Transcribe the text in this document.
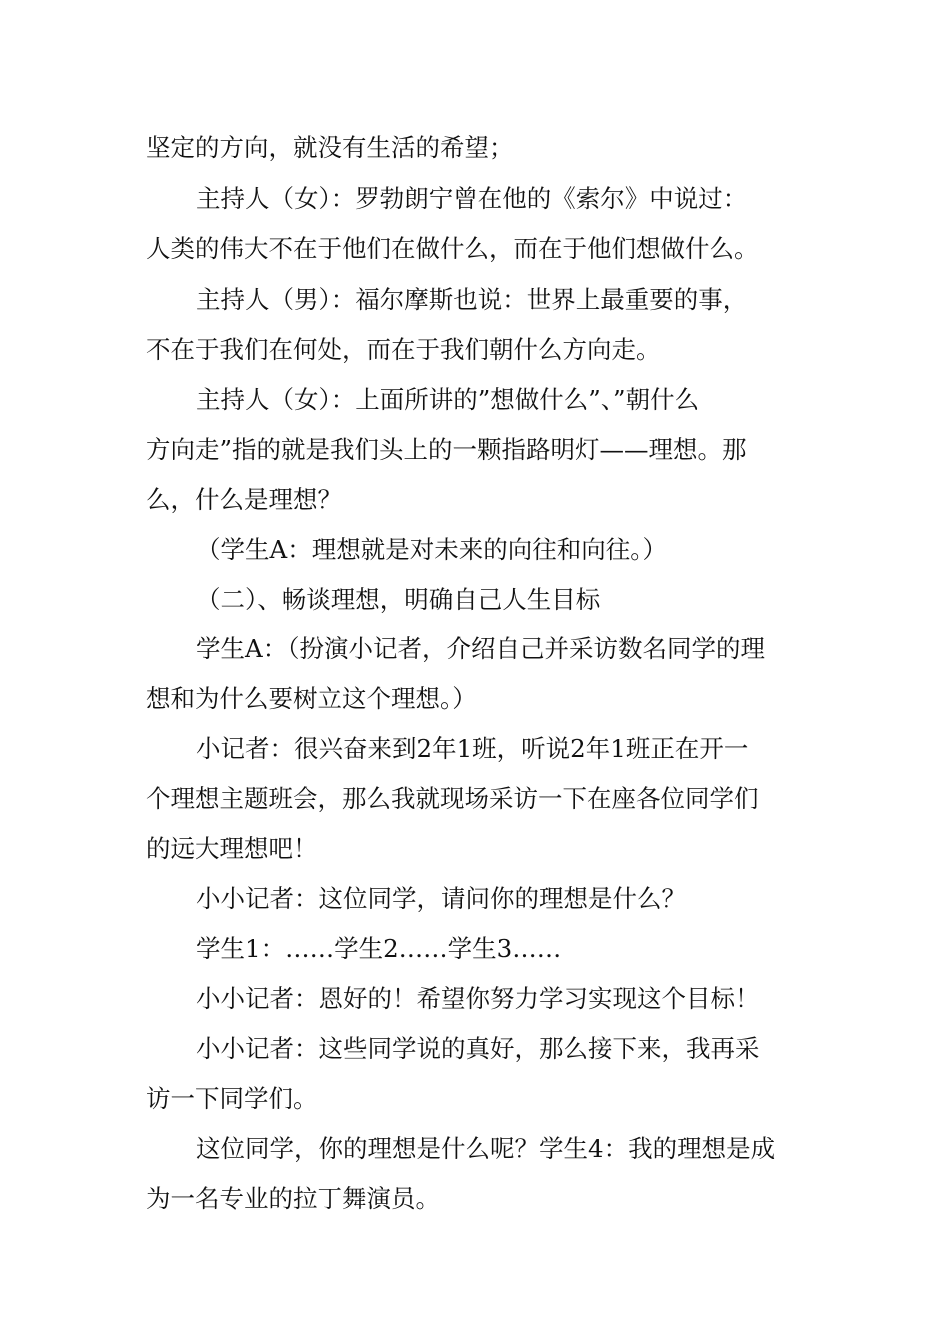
坚定的方向，就没有生活的希望；
主持人（女）：罗勃朗宁曾在他的《索尔》中说过：
人类的伟大不在于他们在做什么，而在于他们想做什么。
主持人（男）：福尔摩斯也说：世界上最重要的事，
不在于我们在何处，而在于我们朝什么方向走。
主持人（女）：上面所讲的”想做什么”、”朝什么
方向走”指的就是我们头上的一颗指路明灯——理想。那
么，什么是理想？
（学生A：理想就是对未来的向往和向往。）
（二）、畅谈理想，明确自己人生目标
学生A：（扮演小记者，介绍自己并采访数名同学的理
想和为什么要树立这个理想。）
小记者：很兴奋来到2年1班，听说2年1班正在开一
个理想主题班会，那么我就现场采访一下在座各位同学们
的远大理想吧！
小小记者：这位同学，请问你的理想是什么？
学生1：……学生2……学生3……
小小记者：恩好的！希望你努力学习实现这个目标！
小小记者：这些同学说的真好，那么接下来，我再采
访一下同学们。
这位同学，你的理想是什么呢？学生4：我的理想是成
为一名专业的拉丁舞演员。
